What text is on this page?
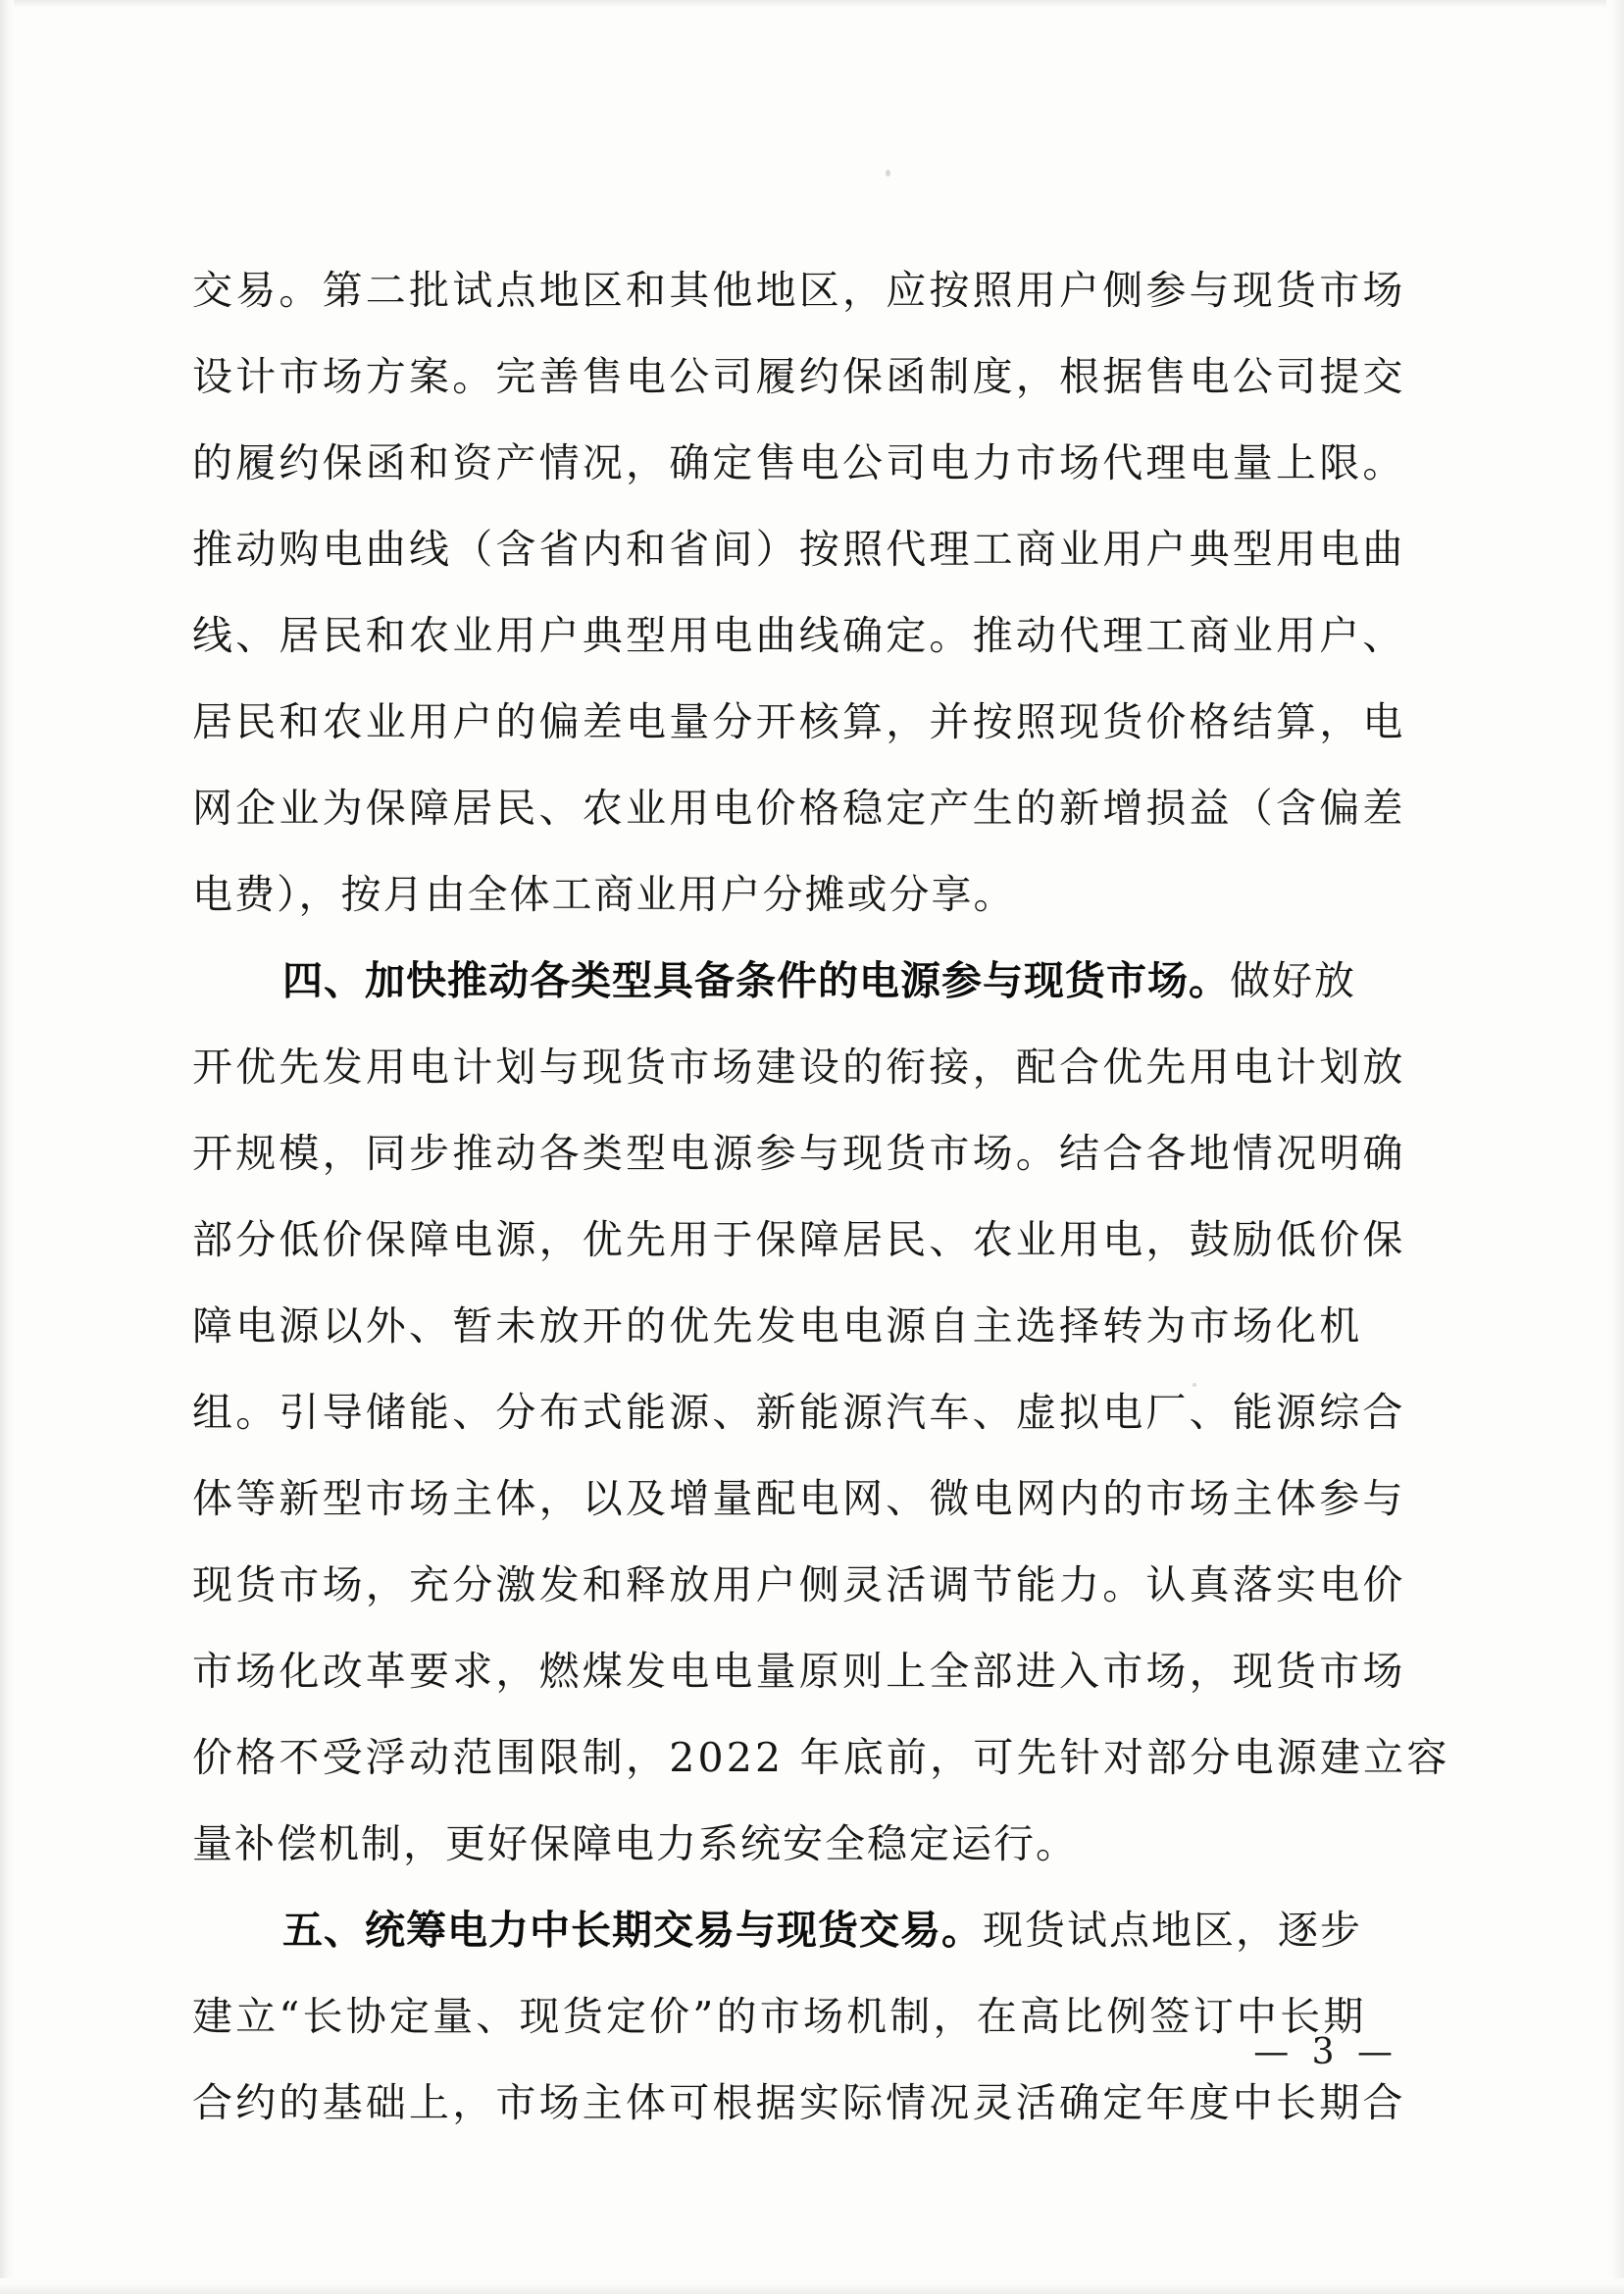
交易。第二批试点地区和其他地区，应按照用户侧参与现货市场
设计市场方案。完善售电公司履约保函制度，根据售电公司提交
的履约保函和资产情况，确定售电公司电力市场代理电量上限。
推动购电曲线（含省内和省间）按照代理工商业用户典型用电曲
线、居民和农业用户典型用电曲线确定。推动代理工商业用户、
居民和农业用户的偏差电量分开核算，并按照现货价格结算，电
网企业为保障居民、农业用电价格稳定产生的新增损益（含偏差
电费），按月由全体工商业用户分摊或分享。
四、加快推动各类型具备条件的电源参与现货市场。做好放
开优先发用电计划与现货市场建设的衔接，配合优先用电计划放
开规模，同步推动各类型电源参与现货市场。结合各地情况明确
部分低价保障电源，优先用于保障居民、农业用电，鼓励低价保
障电源以外、暂未放开的优先发电电源自主选择转为市场化机
组。引导储能、分布式能源、新能源汽车、虚拟电厂、能源综合
体等新型市场主体，以及增量配电网、微电网内的市场主体参与
现货市场，充分激发和释放用户侧灵活调节能力。认真落实电价
市场化改革要求，燃煤发电电量原则上全部进入市场，现货市场
价格不受浮动范围限制，2022 年底前，可先针对部分电源建立容
量补偿机制，更好保障电力系统安全稳定运行。
五、统筹电力中长期交易与现货交易。现货试点地区，逐步
建立“长协定量、现货定价”的市场机制，在高比例签订中长期
合约的基础上，市场主体可根据实际情况灵活确定年度中长期合
— 3 —
